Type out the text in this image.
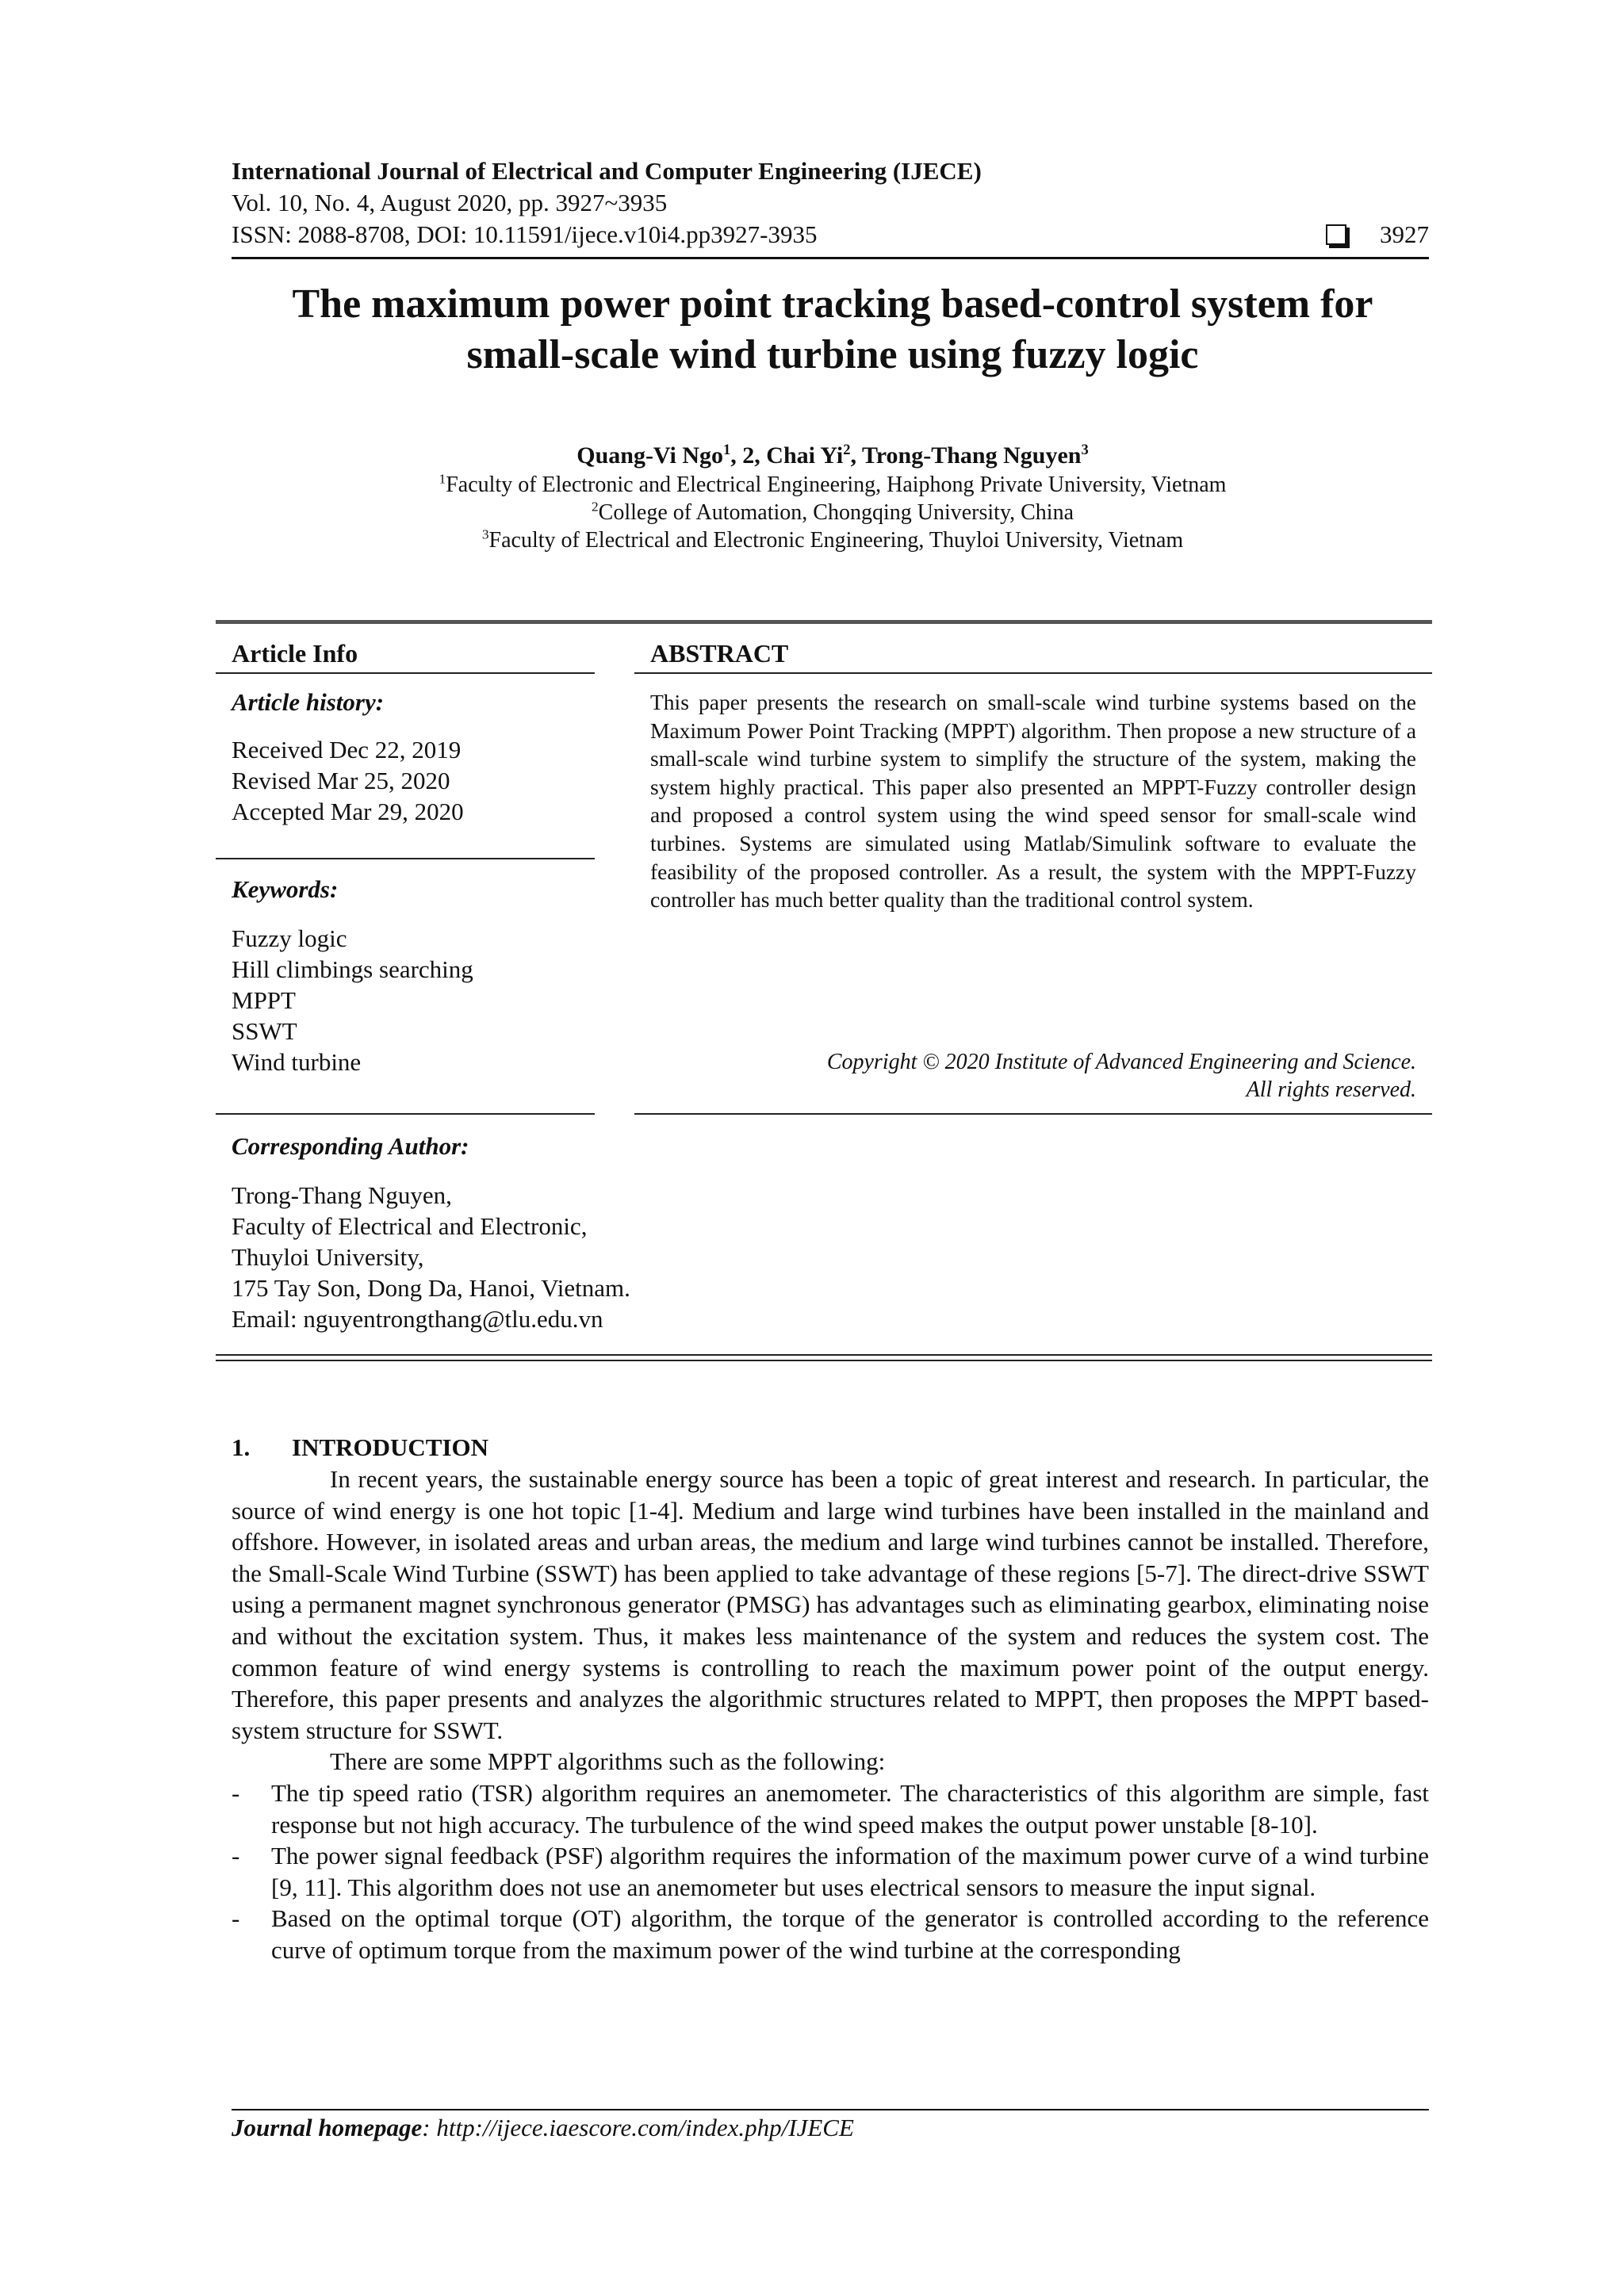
International Journal of Electrical and Computer Engineering (IJECE)
Vol. 10, No. 4, August 2020, pp. 3927~3935
ISSN: 2088-8708, DOI: 10.11591/ijece.v10i4.pp3927-3935	3927
The maximum power point tracking based-control system for
small-scale wind turbine using fuzzy logic
Quang-Vi Ngo$^1$, 2, Chai Yi$^2$, Trong-Thang Nguyen$^3$
$^1$Faculty of Electronic and Electrical Engineering, Haiphong Private University, Vietnam
$^2$College of Automation, Chongqing University, China
$^3$Faculty of Electrical and Electronic Engineering, Thuyloi University, Vietnam
Article Info	ABSTRACT
Article history:
Received Dec 22, 2019
Revised Mar 25, 2020
Accepted Mar 29, 2020
Keywords:
Fuzzy logic
Hill climbings searching
MPPT
SSWT
Wind turbine
This paper presents the research on small-scale wind turbine systems based on the Maximum Power Point Tracking (MPPT) algorithm. Then propose a new structure of a small-scale wind turbine system to simplify the structure of the system, making the system highly practical. This paper also presented an MPPT-Fuzzy controller design and proposed a control system using the wind speed sensor for small-scale wind turbines. Systems are simulated using Matlab/Simulink software to evaluate the feasibility of the proposed controller. As a result, the system with the MPPT-Fuzzy controller has much better quality than the traditional control system.
Copyright © 2020 Institute of Advanced Engineering and Science.
All rights reserved.
Corresponding Author:
Trong-Thang Nguyen,
Faculty of Electrical and Electronic,
Thuyloi University,
175 Tay Son, Dong Da, Hanoi, Vietnam.
Email: nguyentrongthang@tlu.edu.vn
1. INTRODUCTION

In recent years, the sustainable energy source has been a topic of great interest and research. In particular, the source of wind energy is one hot topic [1-4]. Medium and large wind turbines have been installed in the mainland and offshore. However, in isolated areas and urban areas, the medium and large wind turbines cannot be installed. Therefore, the Small-Scale Wind Turbine (SSWT) has been applied to take advantage of these regions [5-7]. The direct-drive SSWT using a permanent magnet synchronous generator (PMSG) has advantages such as eliminating gearbox, eliminating noise and without the excitation system. Thus, it makes less maintenance of the system and reduces the system cost. The common feature of wind energy systems is controlling to reach the maximum power point of the output energy. Therefore, this paper presents and analyzes the algorithmic structures related to MPPT, then proposes the MPPT based-system structure for SSWT.

There are some MPPT algorithms such as the following:

- The tip speed ratio (TSR) algorithm requires an anemometer. The characteristics of this algorithm are simple, fast response but not high accuracy. The turbulence of the wind speed makes the output power unstable [8-10].
- The power signal feedback (PSF) algorithm requires the information of the maximum power curve of a wind turbine [9, 11]. This algorithm does not use an anemometer but uses electrical sensors to measure the input signal.
- Based on the optimal torque (OT) algorithm, the torque of the generator is controlled according to the reference curve of optimum torque from the maximum power of the wind turbine at the corresponding
Journal homepage: http://ijece.iaescore.com/index.php/IJECE
